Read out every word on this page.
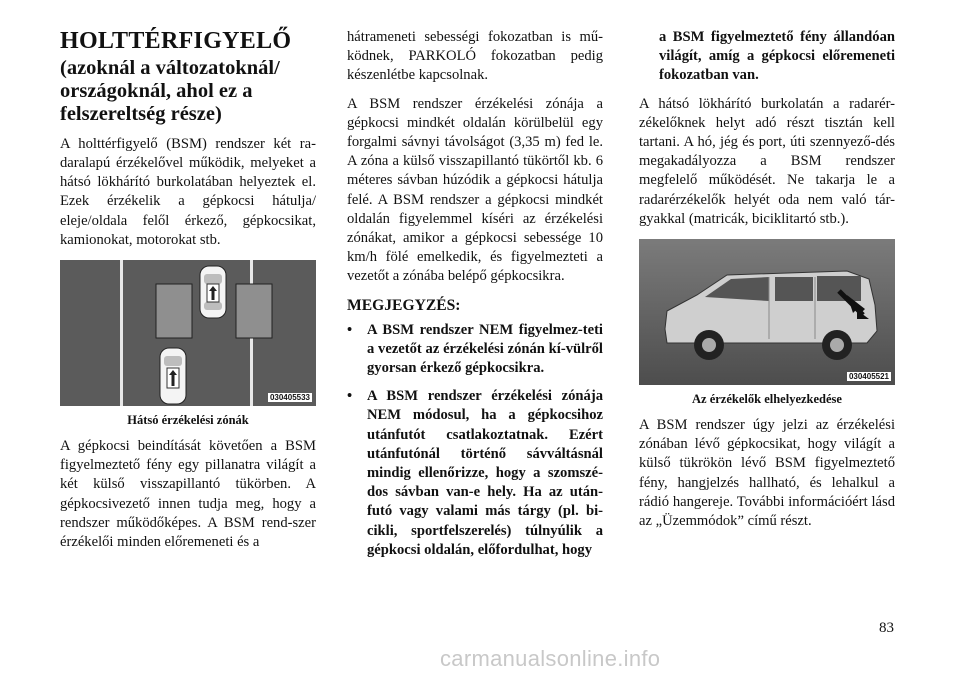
HOLTTÉRFIGYELŐ
(azoknál a változatoknál/ országoknál, ahol ez a felszereltség része)

A holttérfigyelő (BSM) rendszer két ra-daralapú érzékelővel működik, melyeket a hátsó lökhárító burkolatában helyeztek el. Ezek érzékelik a gépkocsi hátulja/ eleje/oldala felől érkező, gépkocsikat, kamionokat, motorokat stb.

030405533
Hátsó érzékelési zónák

A gépkocsi beindítását követően a BSM figyelmeztető fény egy pillanatra világít a két külső visszapillantó tükörben. A gépkocsivezető innen tudja meg, hogy a rendszer működőképes. A BSM rend-szer érzékelői minden előremeneti és a

hátrameneti sebességi fokozatban is mű-ködnek, PARKOLÓ fokozatban pedig készenlétbe kapcsolnak.

A BSM rendszer érzékelési zónája a gépkocsi mindkét oldalán körülbelül egy forgalmi sávnyi távolságot (3,35 m) fed le. A zóna a külső visszapillantó tükörtől kb. 6 méteres sávban húzódik a gépkocsi hátulja felé. A BSM rendszer a gépkocsi mindkét oldalán figyelemmel kíséri az érzékelési zónákat, amikor a gépkocsi sebessége 10 km/h fölé emelkedik, és figyelmezteti a vezetőt a zónába belépő gépkocsikra.

MEGJEGYZÉS:
• A BSM rendszer NEM figyelmez-teti a vezetőt az érzékelési zónán kí-vülről gyorsan érkező gépkocsikra.
• A BSM rendszer érzékelési zónája NEM módosul, ha a gépkocsihoz utánfutót csatlakoztatnak. Ezért utánfutónál történő sávváltásnál mindig ellenőrizze, hogy a szomszé-dos sávban van-e hely. Ha az után-futó vagy valami más tárgy (pl. bi-cikli, sportfelszerelés) túlnyúlik a gépkocsi oldalán, előfordulhat, hogy
a BSM figyelmeztető fény állandóan világít, amíg a gépkocsi előremeneti fokozatban van.

A hátsó lökhárító burkolatán a radarér-zékelőknek helyt adó részt tisztán kell tartani. A hó, jég és port, úti szennyező-dés megakadályozza a BSM rendszer megfelelő működését. Ne takarja le a radarérzékelők helyét oda nem való tár-gyakkal (matricák, biciklitartó stb.).

030405521
Az érzékelők elhelyezkedése

A BSM rendszer úgy jelzi az érzékelési zónában lévő gépkocsikat, hogy világít a külső tükrökön lévő BSM figyelmeztető fény, hangjelzés hallható, és lehalkul a rádió hangereje. További információért lásd az „Üzemmódok” című részt.

83
carmanualsonline.info
